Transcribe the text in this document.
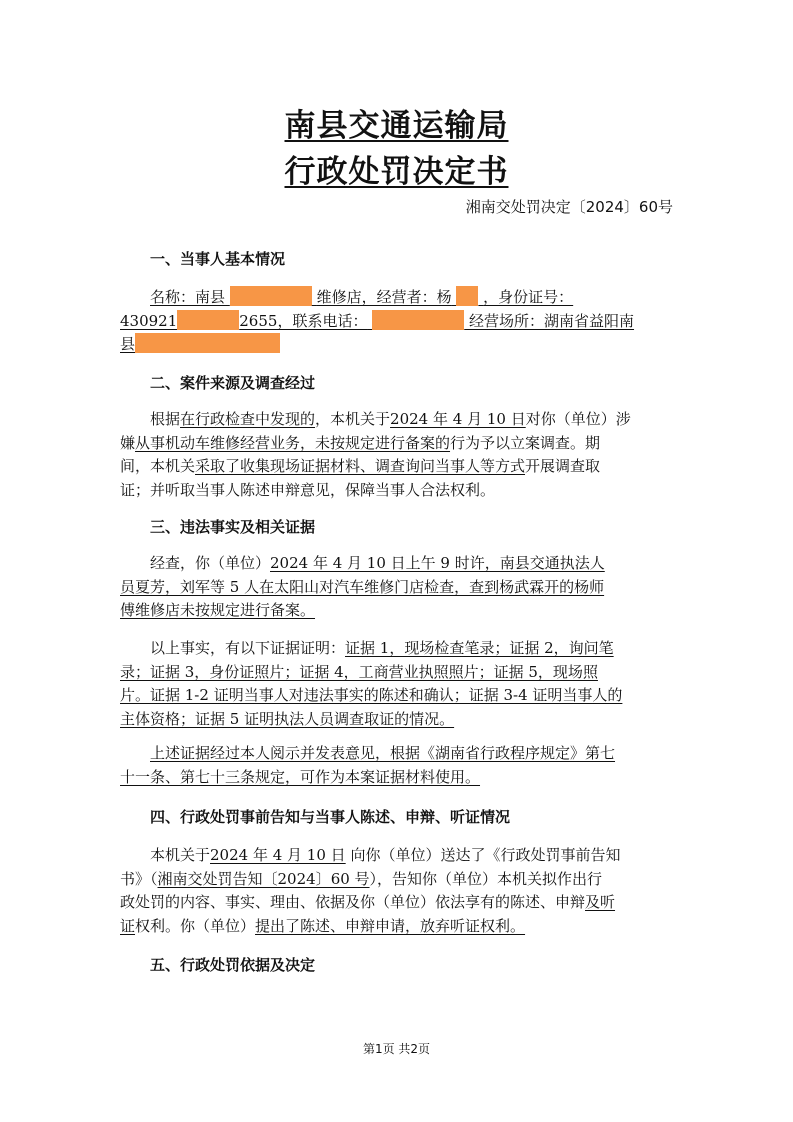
南县交通运输局
行政处罚决定书
湘南交处罚决定〔2024〕60号
一、当事人基本情况
名称：南县	维修店，经营者：杨 ，身份证号：
430921	2655，联系电话：	经营场所：湖南省益阳南
县
二、案件来源及调查经过
根据在行政检查中发现的，本机关于2024 年 4 月 10 日对你（单位）涉
嫌从事机动车维修经营业务，未按规定进行备案的行为予以立案调查。期
间，本机关采取了收集现场证据材料、调查询问当事人等方式开展调查取
证；并听取当事人陈述申辩意见，保障当事人合法权利。
三、违法事实及相关证据
经查，你（单位）2024 年 4 月 10 日上午 9 时许，南县交通执法人
员夏芳，刘军等 5 人在太阳山对汽车维修门店检查，查到杨武霖开的杨师
傅维修店未按规定进行备案。
以上事实，有以下证据证明：证据 1，现场检查笔录；证据 2，询问笔
录；证据 3，身份证照片；证据 4，工商营业执照照片；证据 5，现场照
片。证据 1-2 证明当事人对违法事实的陈述和确认；证据 3-4 证明当事人的
主体资格；证据 5 证明执法人员调查取证的情况。
上述证据经过本人阅示并发表意见，根据《湖南省行政程序规定》第七
十一条、第七十三条规定，可作为本案证据材料使用。
四、行政处罚事前告知与当事人陈述、申辩、听证情况
本机关于2024 年 4 月 10 日 向你（单位）送达了《行政处罚事前告知
书》（湘南交处罚告知〔2024〕60 号），告知你（单位）本机关拟作出行
政处罚的内容、事实、理由、依据及你（单位）依法享有的陈述、申辩及听
证权利。你（单位）提出了陈述、申辩申请，放弃听证权利。
五、行政处罚依据及决定
第1页 共2页
